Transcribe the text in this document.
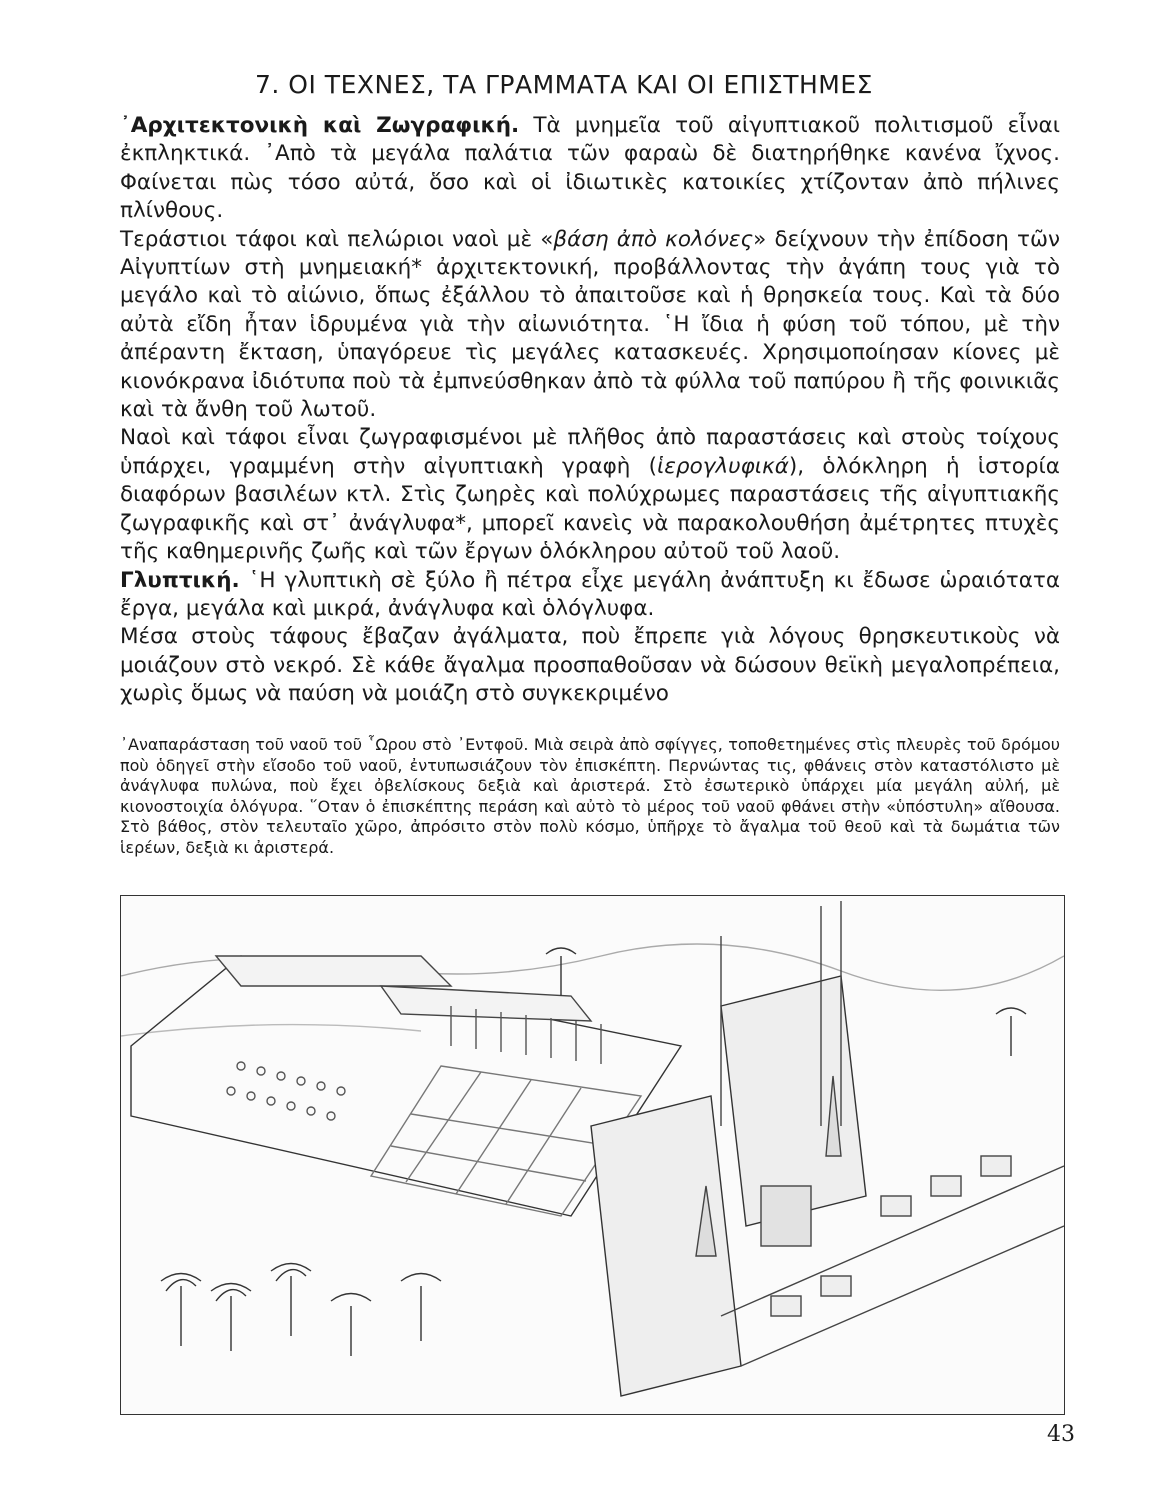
7. ΟΙ ΤΕΧΝΕΣ, ΤΑ ΓΡΑΜΜΑΤΑ ΚΑΙ ΟΙ ΕΠΙΣΤΗΜΕΣ

᾿Αρχιτεκτονικὴ καὶ Ζωγραφική. Τὰ μνημεῖα τοῦ αἰγυπτιακοῦ πολιτισμοῦ εἶναι ἐκπληκτικά. ᾿Απὸ τὰ μεγάλα παλάτια τῶν φαραὼ δὲ διατηρήθηκε κανένα ἴχνος. Φαίνεται πὼς τόσο αὐτά, ὅσο καὶ οἱ ἰδιωτικὲς κατοικίες χτίζονταν ἀπὸ πήλινες πλίνθους.

Τεράστιοι τάφοι καὶ πελώριοι ναοὶ μὲ «βάση ἀπὸ κολόνες» δείχνουν τὴν ἐπίδοση τῶν Αἰγυπτίων στὴ μνημειακή* ἀρχιτεκτονική, προβάλλοντας τὴν ἀγάπη τους γιὰ τὸ μεγάλο καὶ τὸ αἰώνιο, ὅπως ἐξάλλου τὸ ἀπαιτοῦσε καὶ ἡ θρησκεία τους. Καὶ τὰ δύο αὐτὰ εἴδη ἦταν ἱδρυμένα γιὰ τὴν αἰωνιότητα. ῾Η ἴδια ἡ φύση τοῦ τόπου, μὲ τὴν ἀπέραντη ἔκταση, ὑπαγόρευε τὶς μεγάλες κατασκευές. Χρησιμοποίησαν κίονες μὲ κιονόκρανα ἰδιότυπα ποὺ τὰ ἐμπνεύσθηκαν ἀπὸ τὰ φύλλα τοῦ παπύρου ἢ τῆς φοινικιᾶς καὶ τὰ ἄνθη τοῦ λωτοῦ.

Ναοὶ καὶ τάφοι εἶναι ζωγραφισμένοι μὲ πλῆθος ἀπὸ παραστάσεις καὶ στοὺς τοίχους ὑπάρχει, γραμμένη στὴν αἰγυπτιακὴ γραφὴ (ἱερογλυφικά), ὁλόκληρη ἡ ἱστορία διαφόρων βασιλέων κτλ. Στὶς ζωηρὲς καὶ πολύχρωμες παραστάσεις τῆς αἰγυπτιακῆς ζωγραφικῆς καὶ στ᾿ ἀνάγλυφα*, μπορεῖ κανεὶς νὰ παρακολουθήση ἀμέτρητες πτυχὲς τῆς καθημερινῆς ζωῆς καὶ τῶν ἔργων ὁλόκληρου αὐτοῦ τοῦ λαοῦ.

Γλυπτική. ῾Η γλυπτικὴ σὲ ξύλο ἢ πέτρα εἶχε μεγάλη ἀνάπτυξη κι ἔδωσε ὡραιότατα ἔργα, μεγάλα καὶ μικρά, ἀνάγλυφα καὶ ὁλόγλυφα.

Μέσα στοὺς τάφους ἔβαζαν ἀγάλματα, ποὺ ἔπρεπε γιὰ λόγους θρησκευτικοὺς νὰ μοιάζουν στὸ νεκρό. Σὲ κάθε ἄγαλμα προσπαθοῦσαν νὰ δώσουν θεϊκὴ μεγαλοπρέπεια, χωρὶς ὅμως νὰ παύση νὰ μοιάζη στὸ συγκεκριμένο

᾿Αναπαράσταση τοῦ ναοῦ τοῦ ῟Ωρου στὸ ᾿Εντφοῦ. Μιὰ σειρὰ ἀπὸ σφίγγες, τοποθετημένες στὶς πλευρὲς τοῦ δρόμου ποὺ ὁδηγεῖ στὴν εἴσοδο τοῦ ναοῦ, ἐντυπωσιάζουν τὸν ἐπισκέπτη. Περνώντας τις, φθάνεις στὸν καταστόλιστο μὲ ἀνάγλυφα πυλώνα, ποὺ ἔχει ὀβελίσκους δεξιὰ καὶ ἀριστερά. Στὸ ἐσωτερικὸ ὑπάρχει μία μεγάλη αὐλή, μὲ κιονοστοιχία ὁλόγυρα. ῞Οταν ὁ ἐπισκέπτης περάση καὶ αὐτὸ τὸ μέρος τοῦ ναοῦ φθάνει στὴν «ὑπόστυλη» αἴθουσα. Στὸ βάθος, στὸν τελευταῖο χῶρο, ἀπρόσιτο στὸν πολὺ κόσμο, ὑπῆρχε τὸ ἄγαλμα τοῦ θεοῦ καὶ τὰ δωμάτια τῶν ἱερέων, δεξιὰ κι ἀριστερά.
43
